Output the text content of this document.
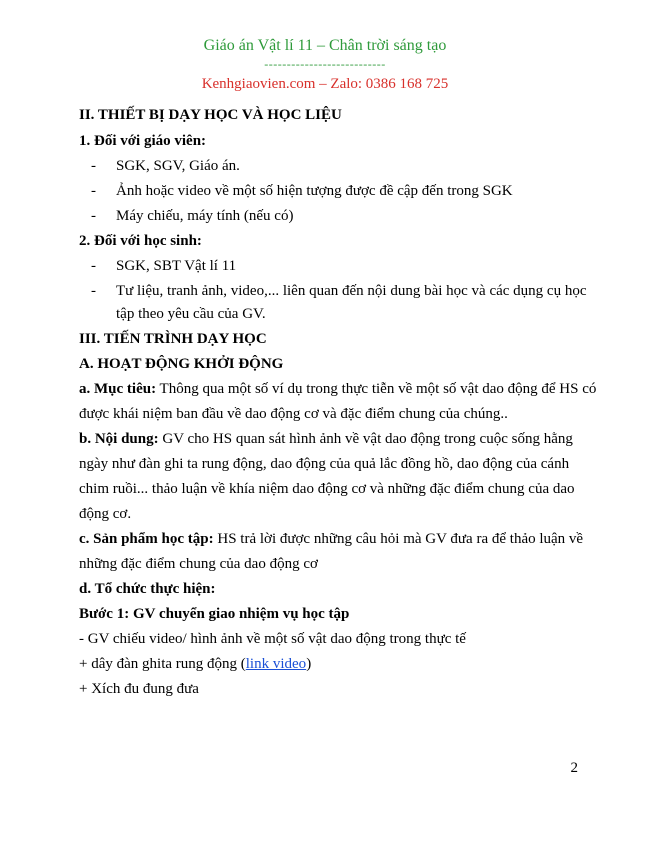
Giáo án Vật lí 11 – Chân trời sáng tạo
---------------------------
Kenhgiaovien.com – Zalo: 0386 168 725
II. THIẾT BỊ DẠY HỌC VÀ HỌC LIỆU
1. Đối với giáo viên:
- SGK, SGV, Giáo án.
- Ảnh hoặc video về một số hiện tượng được đề cập đến trong SGK
- Máy chiếu, máy tính (nếu có)
2. Đối với học sinh:
- SGK, SBT Vật lí 11
- Tư liệu, tranh ảnh, video,... liên quan đến nội dung bài học và các dụng cụ học
tập theo yêu cầu của GV.
III. TIẾN TRÌNH DẠY HỌC
A. HOẠT ĐỘNG KHỞI ĐỘNG
a. Mục tiêu: Thông qua một số ví dụ trong thực tiễn về một số vật dao động để HS có
được khái niệm ban đầu về dao động cơ và đặc điểm chung của chúng..
b. Nội dung: GV cho HS quan sát hình ảnh về vật dao động trong cuộc sống hằng
ngày như đàn ghi ta rung động, dao động của quả lắc đồng hồ, dao động của cánh
chim ruồi... thảo luận về khía niệm dao động cơ và những đặc điểm chung của dao
động cơ.
c. Sản phẩm học tập: HS trả lời được những câu hỏi mà GV đưa ra để thảo luận về
những đặc điểm chung của dao động cơ
d. Tổ chức thực hiện:
Bước 1: GV chuyển giao nhiệm vụ học tập
- GV chiếu video/ hình ảnh về một số vật dao động trong thực tế
+ dây đàn ghita rung động (link video)
+ Xích đu đung đưa
2
